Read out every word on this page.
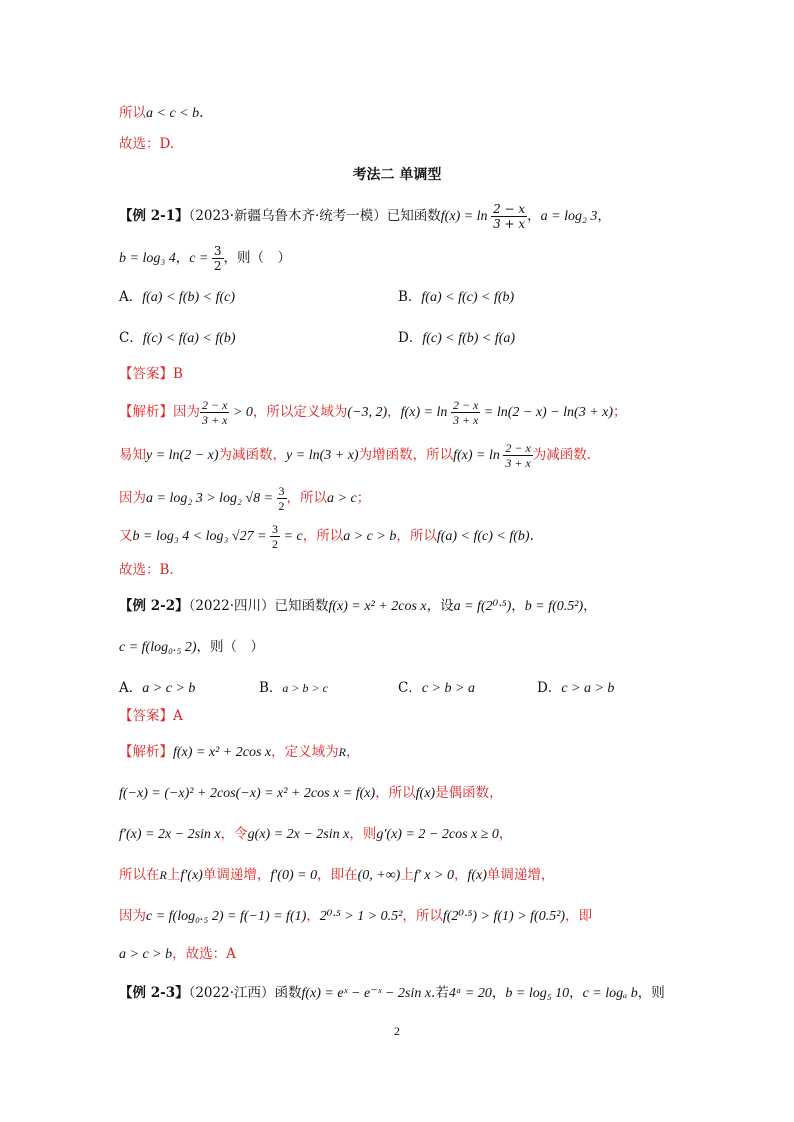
所以a < c < b.
故选：D.
考法二 单调型
【例 2-1】（2023·新疆乌鲁木齐·统考一模）已知函数$f(x) = \ln \frac{2 - x}{3 + x}$ ，a = log₂ 3，
b = log₃ 4，$c = \frac{3}{2}$ ，则（　）
A．f(a) < f(b) < f(c)	B．f(a) < f(c) < f(b)
C．f(c) < f(a) < f(b)	D．f(c) < f(b) < f(a)
【答案】B
【解析】因为 $\frac{2 - x}{3 + x} > 0$，所以定义域为(−3, 2)，$f(x) = \ln \frac{2 - x}{3 + x} = \ln(2 - x) - \ln(3 + x)$；
易知y = ln(2 − x)为减函数，y = ln(3 + x)为增函数，所以$f(x) = \ln \frac{2 - x}{3 + x}$ 为减函数.
因为a = log₂ 3 > log₂ $√8 = \frac{3}{2}$ ，所以a > c；
又b = log₃ 4 < log₃ $√27 = \frac{3}{2} = c$，所以a > c > b，所以f(a) < f(c) < f(b).
故选：B.
【例 2-2】（2022·四川）已知函数f(x) = x² + 2cos x，设a = f(2⁰·⁵)，b = f(0.5²)，
c = f(log₀.₅ 2)，则（　）
A．a > c > b	B．a > b > c	C．c > b > a	D．c > a > b
【答案】A
【解析】f(x) = x² + 2cos x，定义域为R，
f(−x) = (−x)² + 2cos(−x) = x² + 2cos x = f(x)，所以f(x)是偶函数，
f′(x) = 2x − 2sin x，令g(x) = 2x − 2sin x，则g′(x) = 2 − 2cos x ≥ 0，
所以在R上f′(x)单调递增，f′(0) = 0，即在(0, +∞)上f′ x > 0，f(x)单调递增，
因为c = f(log₀.₅ 2) = f(−1) = f(1)，2⁰·⁵ > 1 > 0.5²，所以f(2⁰·⁵) > f(1) > f(0.5²)，即
a > c > b，故选：A
【例 2-3】（2022·江西）函数f(x) = eˣ − e⁻ˣ − 2sin x.若4ᵃ = 20，b = log₅ 10，c = logₐ b，则
2
